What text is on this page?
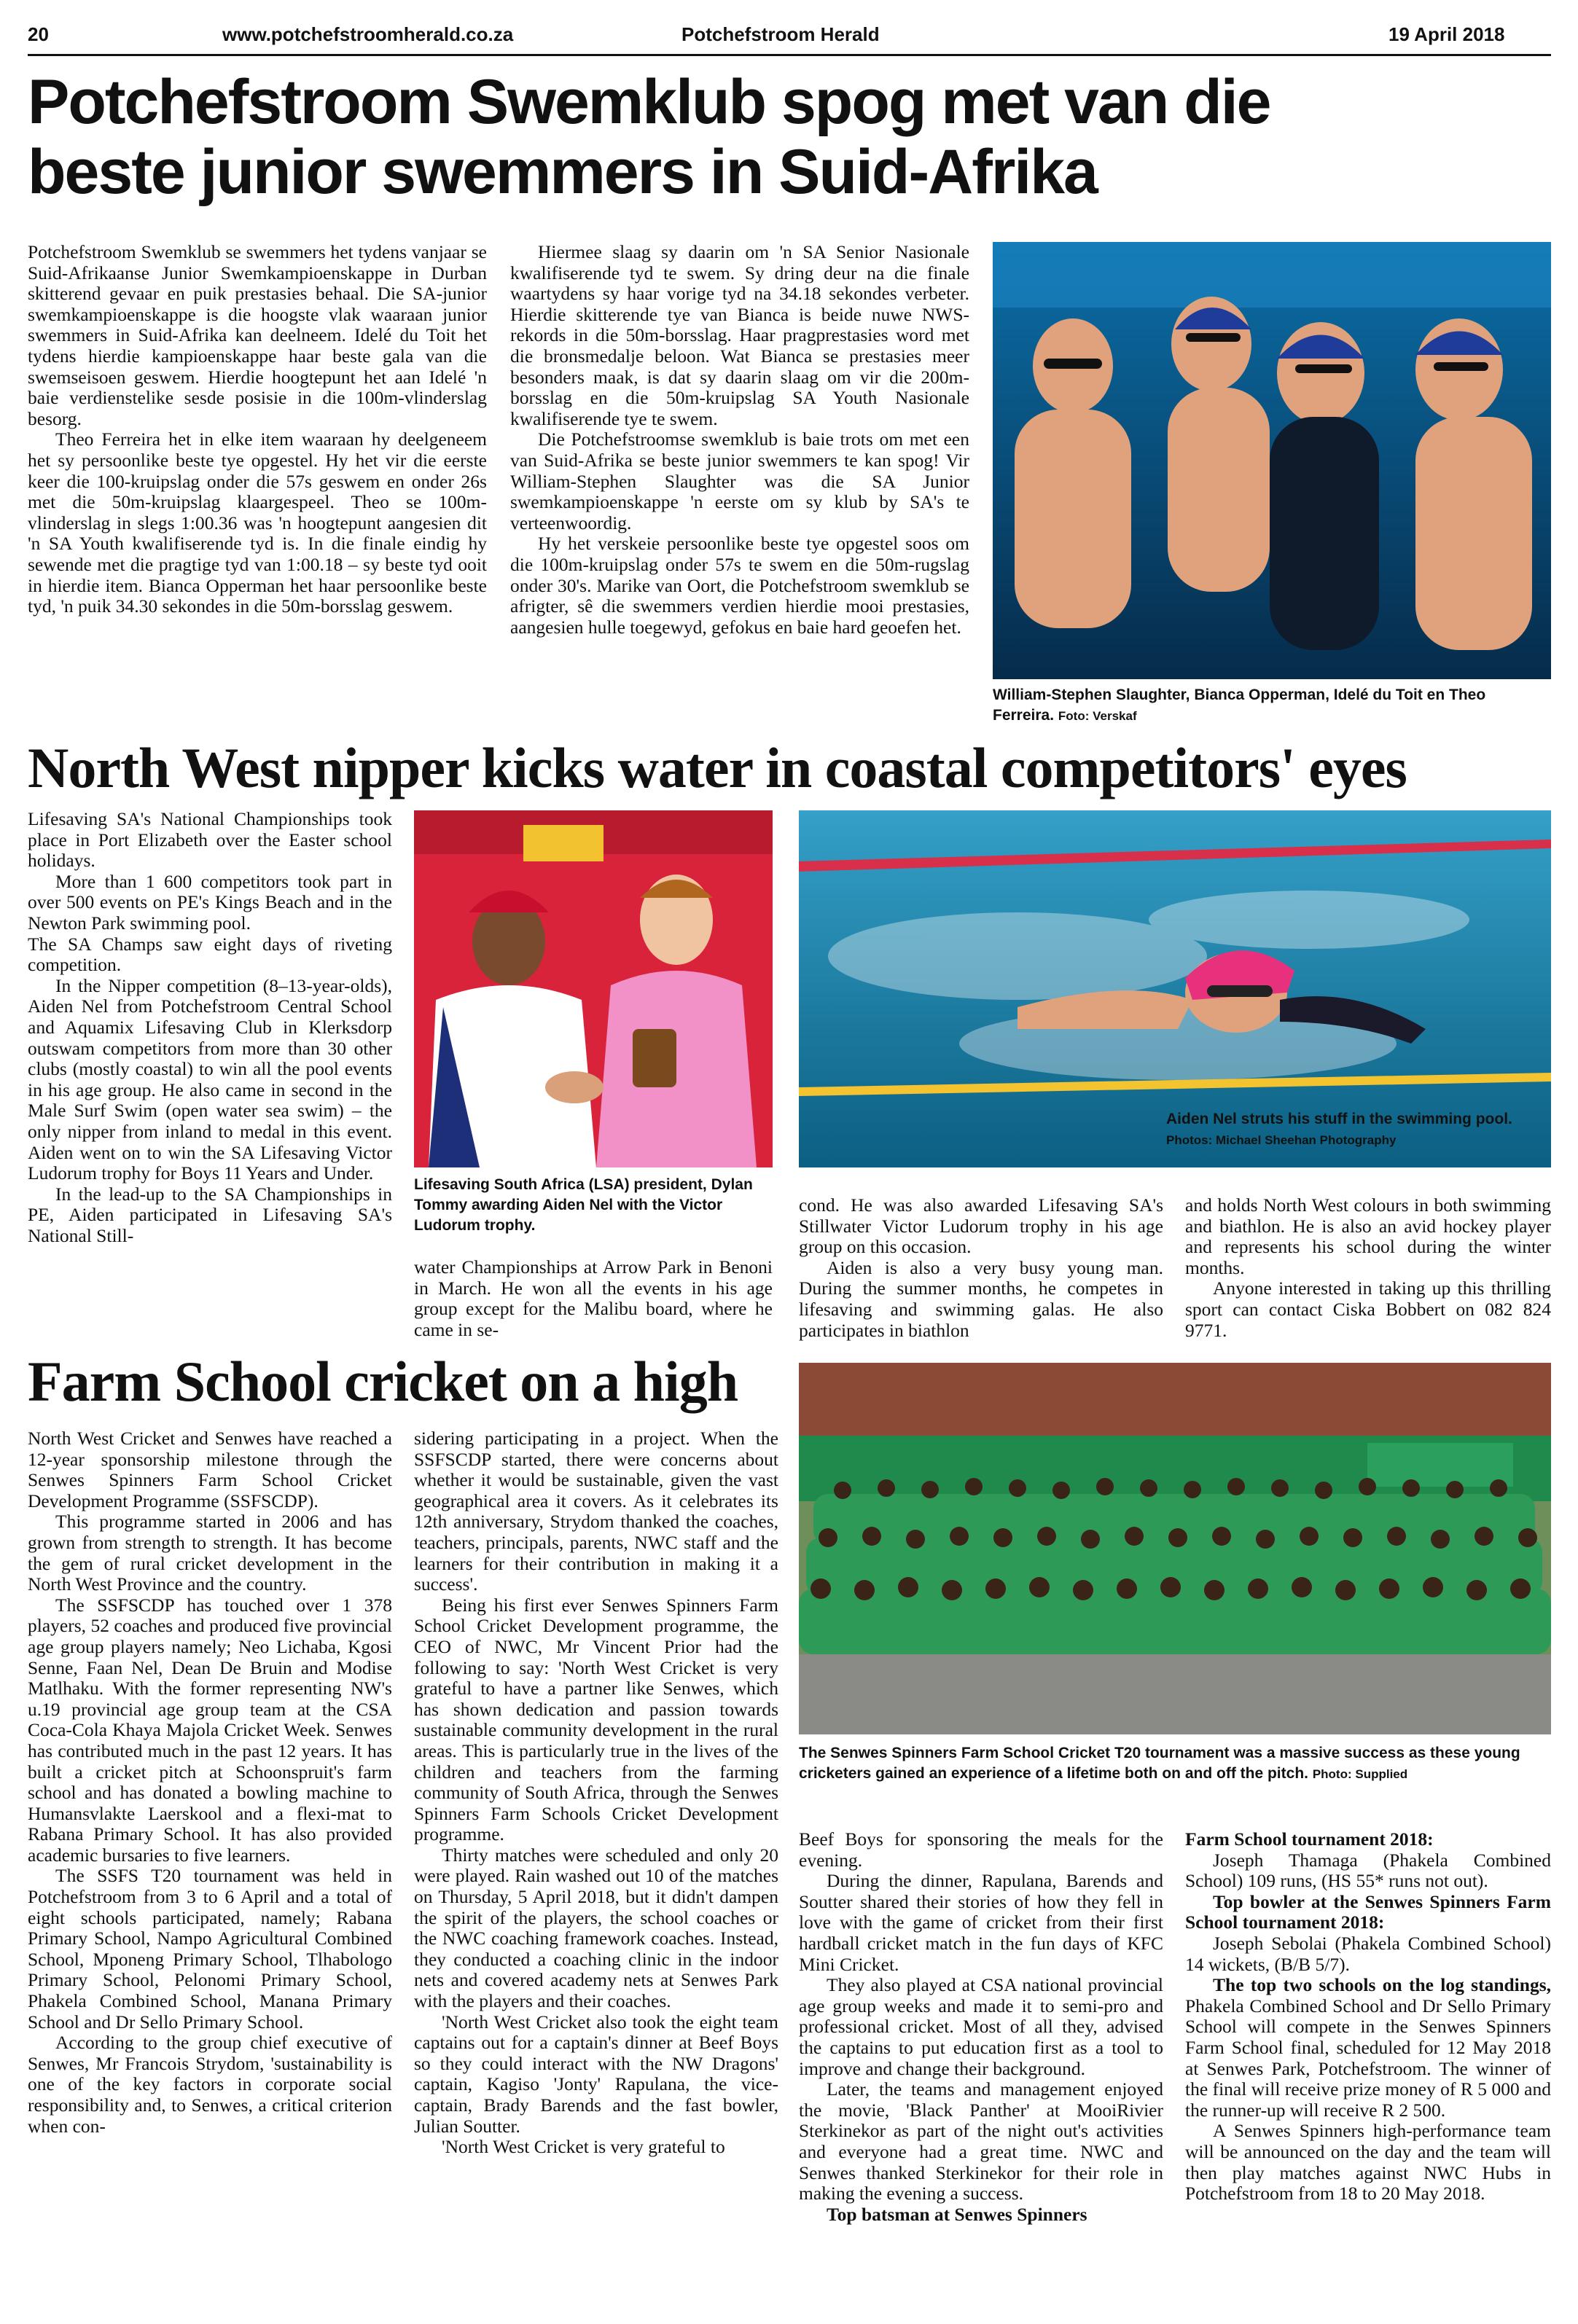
20	www.potchefstroomherald.co.za	Potchefstroom Herald	19 April 2018
Potchefstroom Swemklub spog met van die
beste junior swemmers in Suid-Afrika

Potchefstroom Swemklub se swemmers het tydens vanjaar se Suid-Afrikaanse Junior Swemkampioenskappe in Durban skitterend gevaar en puik prestasies behaal. Die SA-junior swemkampioenskappe is die hoogste vlak waaraan junior swemmers in Suid-Afrika kan deelneem. Idelé du Toit het tydens hierdie kampioenskappe haar beste gala van die swemseisoen geswem. Hierdie hoogtepunt het aan Idelé 'n baie verdienstelike sesde posisie in die 100m-vlinderslag besorg.

Theo Ferreira het in elke item waaraan hy deelgeneem het sy persoonlike beste tye opgestel. Hy het vir die eerste keer die 100-kruipslag onder die 57s geswem en onder 26s met die 50m-kruipslag klaargespeel. Theo se 100m-vlinderslag in slegs 1:00.36 was 'n hoogtepunt aangesien dit 'n SA Youth kwalifiserende tyd is. In die finale eindig hy sewende met die pragtige tyd van 1:00.18 – sy beste tyd ooit in hierdie item. Bianca Opperman het haar persoonlike beste tyd, 'n puik 34.30 sekondes in die 50m-borsslag geswem.

Hiermee slaag sy daarin om 'n SA Senior Nasionale kwalifiserende tyd te swem. Sy dring deur na die finale waartydens sy haar vorige tyd na 34.18 sekondes verbeter. Hierdie skitterende tye van Bianca is beide nuwe NWS-rekords in die 50m-borsslag. Haar pragprestasies word met die bronsmedalje beloon. Wat Bianca se prestasies meer besonders maak, is dat sy daarin slaag om vir die 200m-borsslag en die 50m-kruipslag SA Youth Nasionale kwalifiserende tye te swem.

Die Potchefstroomse swemklub is baie trots om met een van Suid-Afrika se beste junior swemmers te kan spog! Vir William-Stephen Slaughter was die SA Junior swemkampioenskappe 'n eerste om sy klub by SA's te verteenwoordig.

Hy het verskeie persoonlike beste tye opgestel soos om die 100m-kruipslag onder 57s te swem en die 50m-rugslag onder 30's. Marike van Oort, die Potchefstroom swemklub se afrigter, sê die swemmers verdien hierdie mooi prestasies, aangesien hulle toegewyd, gefokus en baie hard geoefen het.

William-Stephen Slaughter, Bianca Opperman, Idelé du Toit en Theo Ferreira. Foto: Verskaf
North West nipper kicks water in coastal competitors' eyes

Lifesaving SA's National Championships took place in Port Elizabeth over the Easter school holidays.

More than 1 600 competitors took part in over 500 events on PE's Kings Beach and in the Newton Park swimming pool.

The SA Champs saw eight days of riveting competition.

In the Nipper competition (8–13-year-olds), Aiden Nel from Potchefstroom Central School and Aquamix Lifesaving Club in Klerksdorp outswam competitors from more than 30 other clubs (mostly coastal) to win all the pool events in his age group. He also came in second in the Male Surf Swim (open water sea swim) – the only nipper from inland to medal in this event. Aiden went on to win the SA Lifesaving Victor Ludorum trophy for Boys 11 Years and Under.

In the lead-up to the SA Championships in PE, Aiden participated in Lifesaving SA's National Still-

Lifesaving South Africa (LSA) president, Dylan Tommy awarding Aiden Nel with the Victor Ludorum trophy.
Aiden Nel struts his stuff in the swimming pool. Photos: Michael Sheehan Photography

water Championships at Arrow Park in Benoni in March. He won all the events in his age group except for the Malibu board, where he came in se-

cond. He was also awarded Lifesaving SA's Stillwater Victor Ludorum trophy in his age group on this occasion.

Aiden is also a very busy young man. During the summer months, he competes in lifesaving and swimming galas. He also participates in biathlon

and holds North West colours in both swimming and biathlon. He is also an avid hockey player and represents his school during the winter months.

Anyone interested in taking up this thrilling sport can contact Ciska Bobbert on 082 824 9771.

Farm School cricket on a high

North West Cricket and Senwes have reached a 12-year sponsorship milestone through the Senwes Spinners Farm School Cricket Development Programme (SSFSCDP).

This programme started in 2006 and has grown from strength to strength. It has become the gem of rural cricket development in the North West Province and the country.

The SSFSCDP has touched over 1 378 players, 52 coaches and produced five provincial age group players namely; Neo Lichaba, Kgosi Senne, Faan Nel, Dean De Bruin and Modise Matlhaku. With the former representing NW's u.19 provincial age group team at the CSA Coca-Cola Khaya Majola Cricket Week. Senwes has contributed much in the past 12 years. It has built a cricket pitch at Schoonspruit's farm school and has donated a bowling machine to Humansvlakte Laerskool and a flexi-mat to Rabana Primary School. It has also provided academic bursaries to five learners.

The SSFS T20 tournament was held in Potchefstroom from 3 to 6 April and a total of eight schools participated, namely; Rabana Primary School, Nampo Agricultural Combined School, Mponeng Primary School, Tlhabologo Primary School, Pelonomi Primary School, Phakela Combined School, Manana Primary School and Dr Sello Primary School.

According to the group chief executive of Senwes, Mr Francois Strydom, 'sustainability is one of the key factors in corporate social responsibility and, to Senwes, a critical criterion when con-

sidering participating in a project. When the SSFSCDP started, there were concerns about whether it would be sustainable, given the vast geographical area it covers. As it celebrates its 12th anniversary, Strydom thanked the coaches, teachers, principals, parents, NWC staff and the learners for their contribution in making it a success'.

Being his first ever Senwes Spinners Farm School Cricket Development programme, the CEO of NWC, Mr Vincent Prior had the following to say: 'North West Cricket is very grateful to have a partner like Senwes, which has shown dedication and passion towards sustainable community development in the rural areas. This is particularly true in the lives of the children and teachers from the farming community of South Africa, through the Senwes Spinners Farm Schools Cricket Development programme.

Thirty matches were scheduled and only 20 were played. Rain washed out 10 of the matches on Thursday, 5 April 2018, but it didn't dampen the spirit of the players, the school coaches or the NWC coaching framework coaches. Instead, they conducted a coaching clinic in the indoor nets and covered academy nets at Senwes Park with the players and their coaches.

'North West Cricket also took the eight team captains out for a captain's dinner at Beef Boys so they could interact with the NW Dragons' captain, Kagiso 'Jonty' Rapulana, the vice-captain, Brady Barends and the fast bowler, Julian Soutter.

'North West Cricket is very grateful to

The Senwes Spinners Farm School Cricket T20 tournament was a massive success as these young cricketers gained an experience of a lifetime both on and off the pitch. Photo: Supplied

Beef Boys for sponsoring the meals for the evening.

During the dinner, Rapulana, Barends and Soutter shared their stories of how they fell in love with the game of cricket from their first hardball cricket match in the fun days of KFC Mini Cricket.

They also played at CSA national provincial age group weeks and made it to semi-pro and professional cricket. Most of all they, advised the captains to put education first as a tool to improve and change their background.

Later, the teams and management enjoyed the movie, 'Black Panther' at MooiRivier Sterkinekor as part of the night out's activities and everyone had a great time. NWC and Senwes thanked Sterkinekor for their role in making the evening a success.

Top batsman at Senwes Spinners

Farm School tournament 2018:

Joseph Thamaga (Phakela Combined School) 109 runs, (HS 55* runs not out).

Top bowler at the Senwes Spinners Farm School tournament 2018:

Joseph Sebolai (Phakela Combined School) 14 wickets, (B/B 5/7).

The top two schools on the log standings, Phakela Combined School and Dr Sello Primary School will compete in the Senwes Spinners Farm School final, scheduled for 12 May 2018 at Senwes Park, Potchefstroom. The winner of the final will receive prize money of R 5 000 and the runner-up will receive R 2 500.

A Senwes Spinners high-performance team will be announced on the day and the team will then play matches against NWC Hubs in Potchefstroom from 18 to 20 May 2018.
